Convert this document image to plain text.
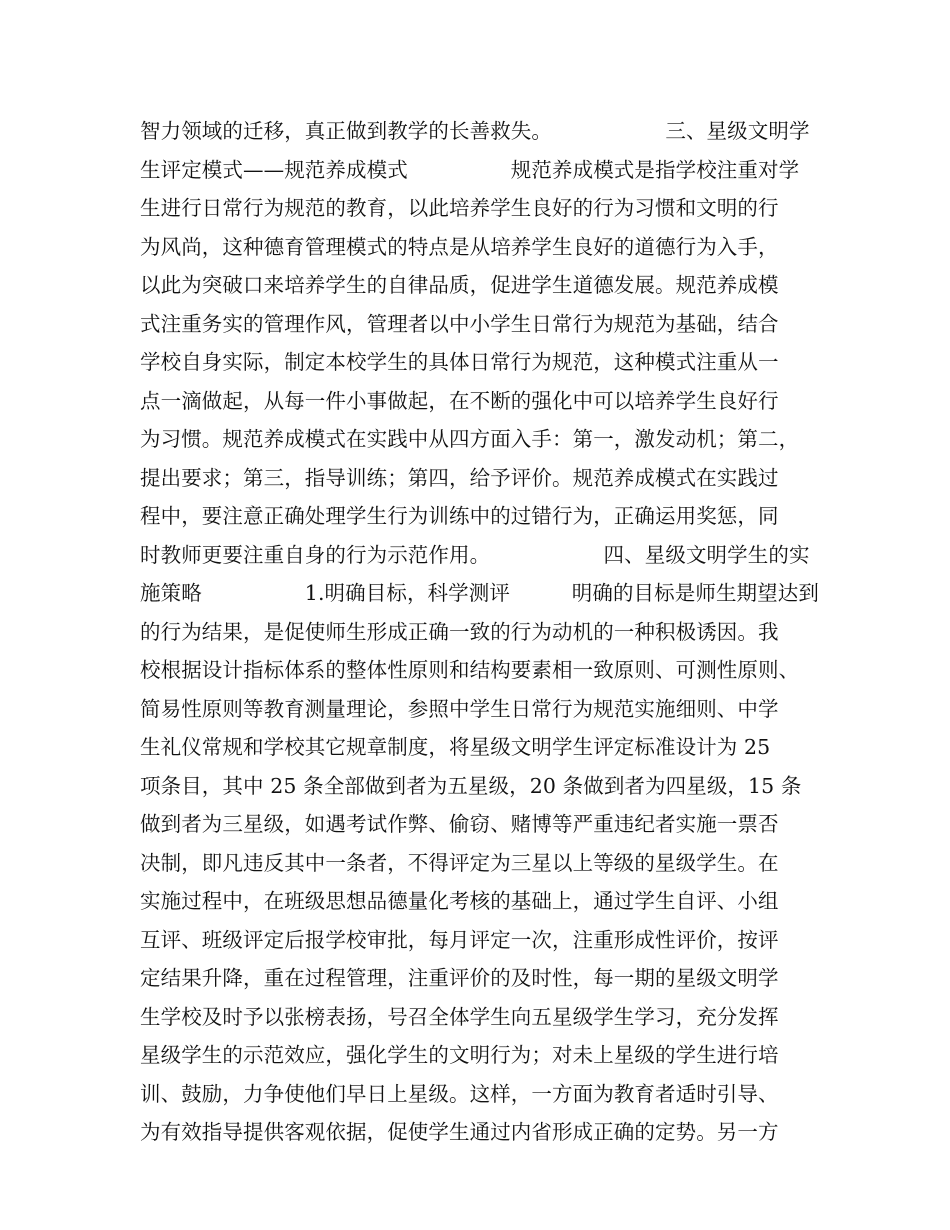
智力领域的迁移，真正做到教学的长善救失。　　　　　　三、星级文明学
生评定模式——规范养成模式　　　　　规范养成模式是指学校注重对学
生进行日常行为规范的教育，以此培养学生良好的行为习惯和文明的行
为风尚，这种德育管理模式的特点是从培养学生良好的道德行为入手，
以此为突破口来培养学生的自律品质，促进学生道德发展。规范养成模
式注重务实的管理作风，管理者以中小学生日常行为规范为基础，结合
学校自身实际，制定本校学生的具体日常行为规范，这种模式注重从一
点一滴做起，从每一件小事做起，在不断的强化中可以培养学生良好行
为习惯。规范养成模式在实践中从四方面入手：第一，激发动机；第二，
提出要求；第三，指导训练；第四，给予评价。规范养成模式在实践过
程中，要注意正确处理学生行为训练中的过错行为，正确运用奖惩，同
时教师更要注重自身的行为示范作用。　　　　　　四、星级文明学生的实
施策略　　　　　1.明确目标，科学测评　　　明确的目标是师生期望达到
的行为结果，是促使师生形成正确一致的行为动机的一种积极诱因。我
校根据设计指标体系的整体性原则和结构要素相一致原则、可测性原则、
简易性原则等教育测量理论，参照中学生日常行为规范实施细则、中学
生礼仪常规和学校其它规章制度，将星级文明学生评定标准设计为 25
项条目，其中 25 条全部做到者为五星级，20 条做到者为四星级，15 条
做到者为三星级，如遇考试作弊、偷窃、赌博等严重违纪者实施一票否
决制，即凡违反其中一条者，不得评定为三星以上等级的星级学生。在
实施过程中，在班级思想品德量化考核的基础上，通过学生自评、小组
互评、班级评定后报学校审批，每月评定一次，注重形成性评价，按评
定结果升降，重在过程管理，注重评价的及时性，每一期的星级文明学
生学校及时予以张榜表扬，号召全体学生向五星级学生学习，充分发挥
星级学生的示范效应，强化学生的文明行为；对未上星级的学生进行培
训、鼓励，力争使他们早日上星级。这样，一方面为教育者适时引导、
为有效指导提供客观依据，促使学生通过内省形成正确的定势。另一方
